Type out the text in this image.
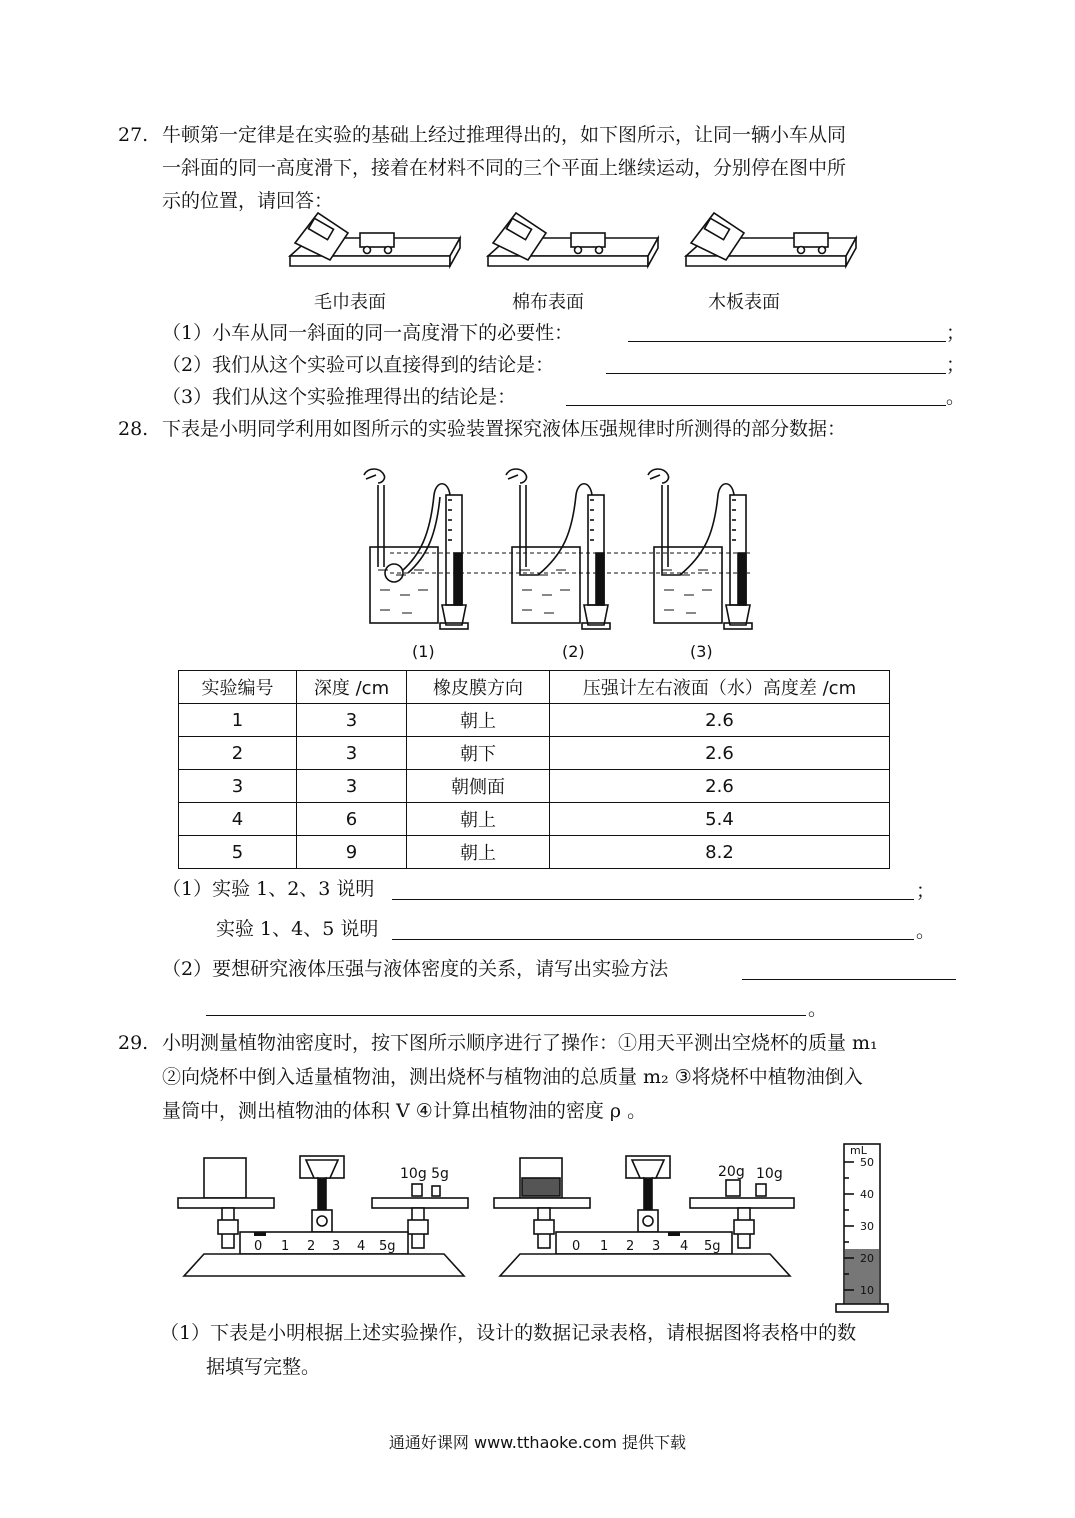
27. 牛顿第一定律是在实验的基础上经过推理得出的，如下图所示，让同一辆小车从同
一斜面的同一高度滑下，接着在材料不同的三个平面上继续运动，分别停在图中所
示的位置，请回答：
毛巾表面	棉布表面	木板表面
（1）小车从同一斜面的同一高度滑下的必要性：	；
（2）我们从这个实验可以直接得到的结论是：	；
（3）我们从这个实验推理得出的结论是：	。
28. 下表是小明同学利用如图所示的实验装置探究液体压强规律时所测得的部分数据：
(1)	(2)	(3)
实验编号	深度 /cm	橡皮膜方向	压强计左右液面（水）高度差 /cm
1	3	朝上	2.6
2	3	朝下	2.6
3	3	朝侧面	2.6
4	6	朝上	5.4
5	9	朝上	8.2
（1）实验 1、2、3 说明	；
实验 1、4、5 说明	。
（2）要想研究液体压强与液体密度的关系，请写出实验方法
。
29. 小明测量植物油密度时，按下图所示顺序进行了操作：①用天平测出空烧杯的质量 m₁
②向烧杯中倒入适量植物油，测出烧杯与植物油的总质量 m₂ ③将烧杯中植物油倒入
量筒中，测出植物油的体积 V ④计算出植物油的密度 ρ 。
0 1 2 3 4 5g
10g 5g
0 1 2 3 4 5g
20g 10g
mL
50
40
30
20
10
（1）下表是小明根据上述实验操作，设计的数据记录表格，请根据图将表格中的数
据填写完整。
通通好课网 www.tthaoke.com 提供下载
